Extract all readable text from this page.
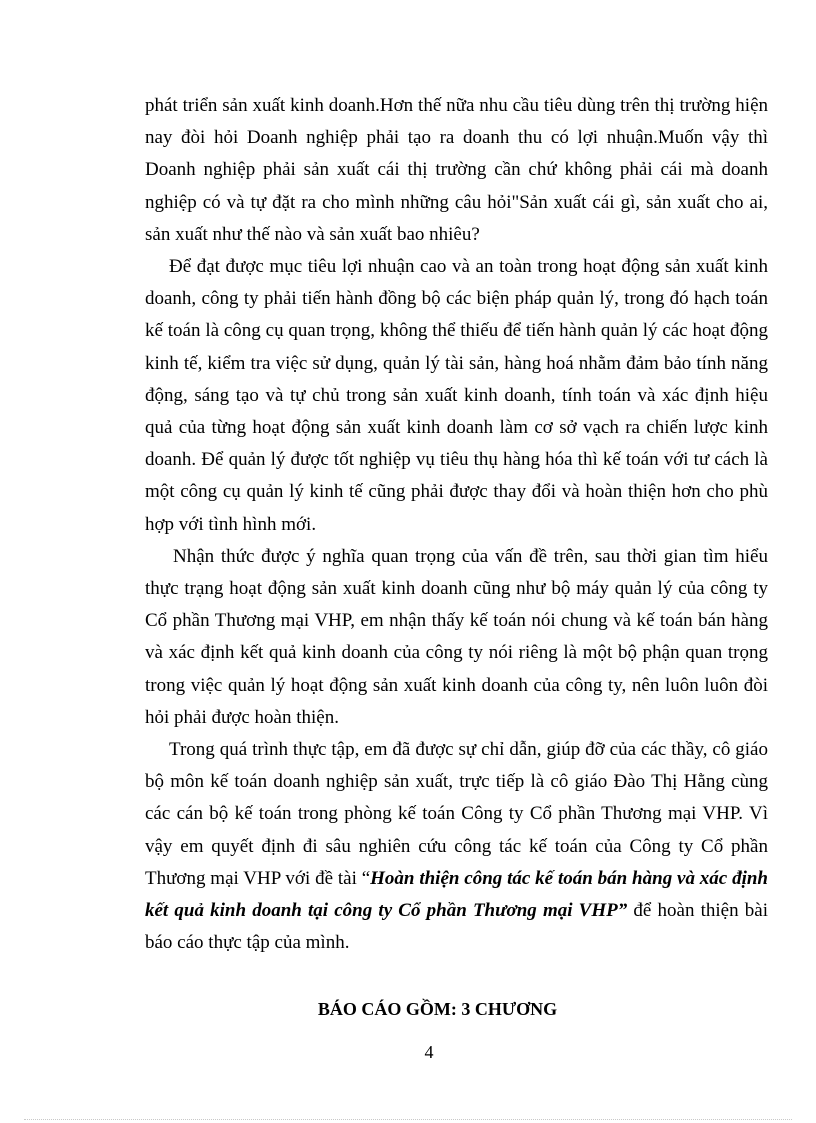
phát triển sản xuất kinh doanh.Hơn thế nữa nhu cầu tiêu dùng trên thị trường hiện nay đòi hỏi Doanh nghiệp phải tạo ra doanh thu có lợi nhuận.Muốn vậy thì Doanh nghiệp phải sản xuất cái thị trường cần chứ không phải cái mà doanh nghiệp có và tự đặt ra cho mình những câu hỏi"Sản xuất cái gì, sản xuất cho ai, sản xuất như thế nào và sản xuất bao nhiêu?

Để đạt được mục tiêu lợi nhuận cao và an toàn trong hoạt động sản xuất kinh doanh, công ty phải tiến hành đồng bộ các biện pháp quản lý, trong đó hạch toán kế toán là công cụ quan trọng, không thể thiếu để tiến hành quản lý các hoạt động kinh tế, kiểm tra việc sử dụng, quản lý tài sản, hàng hoá nhằm đảm bảo tính năng động, sáng tạo và tự chủ trong sản xuất kinh doanh, tính toán và xác định hiệu quả của từng hoạt động sản xuất kinh doanh làm cơ sở vạch ra chiến lược kinh doanh. Để quản lý được tốt nghiệp vụ tiêu thụ hàng hóa thì kế toán với tư cách là một công cụ quản lý kinh tế cũng phải được thay đổi và hoàn thiện hơn cho phù hợp với tình hình mới.

Nhận thức được ý nghĩa quan trọng của vấn đề trên, sau thời gian tìm hiểu thực trạng hoạt động sản xuất kinh doanh cũng như bộ máy quản lý của công ty Cổ phần Thương mại VHP, em nhận thấy kế toán nói chung và kế toán bán hàng và xác định kết quả kinh doanh của công ty nói riêng là một bộ phận quan trọng trong việc quản lý hoạt động sản xuất kinh doanh của công ty, nên luôn luôn đòi hỏi phải được hoàn thiện.

Trong quá trình thực tập, em đã được sự chỉ dẫn, giúp đỡ của các thầy, cô giáo bộ môn kế toán doanh nghiệp sản xuất, trực tiếp là cô giáo Đào Thị Hằng cùng các cán bộ kế toán trong phòng kế toán Công ty Cổ phần Thương mại VHP. Vì vậy em quyết định đi sâu nghiên cứu công tác kế toán của Công ty Cổ phần Thương mại VHP với đề tài “Hoàn thiện công tác kế toán bán hàng và xác định kết quả kinh doanh tại công ty Cổ phần Thương mại VHP” để hoàn thiện bài báo cáo thực tập của mình.

BÁO CÁO GỒM: 3 CHƯƠNG
4
